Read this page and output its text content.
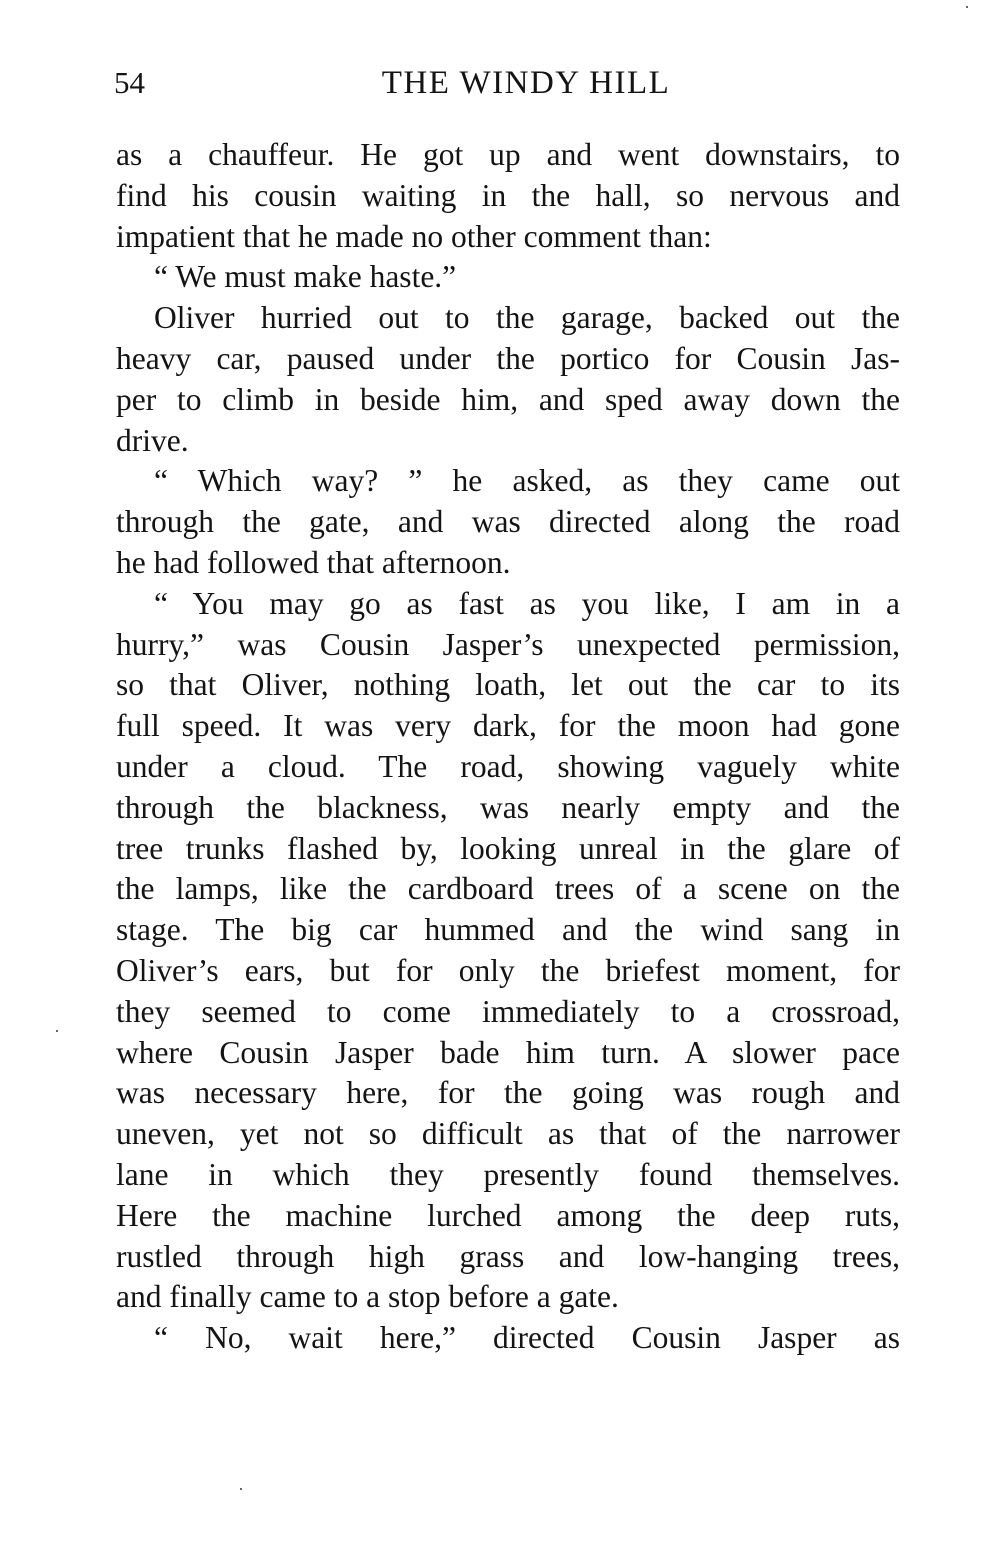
54	THE WINDY HILL
as a chauffeur. He got up and went downstairs, to
find his cousin waiting in the hall, so nervous and
impatient that he made no other comment than:
“ We must make haste.”
Oliver hurried out to the garage, backed out the
heavy car, paused under the portico for Cousin Jas-
per to climb in beside him, and sped away down the
drive.
“ Which way? ” he asked, as they came out
through the gate, and was directed along the road
he had followed that afternoon.
“ You may go as fast as you like, I am in a
hurry,” was Cousin Jasper’s unexpected permission,
so that Oliver, nothing loath, let out the car to its
full speed. It was very dark, for the moon had gone
under a cloud. The road, showing vaguely white
through the blackness, was nearly empty and the
tree trunks flashed by, looking unreal in the glare of
the lamps, like the cardboard trees of a scene on the
stage. The big car hummed and the wind sang in
Oliver’s ears, but for only the briefest moment, for
they seemed to come immediately to a crossroad,
where Cousin Jasper bade him turn. A slower pace
was necessary here, for the going was rough and
uneven, yet not so difficult as that of the narrower
lane in which they presently found themselves.
Here the machine lurched among the deep ruts,
rustled through high grass and low-hanging trees,
and finally came to a stop before a gate.
“ No, wait here,” directed Cousin Jasper as
